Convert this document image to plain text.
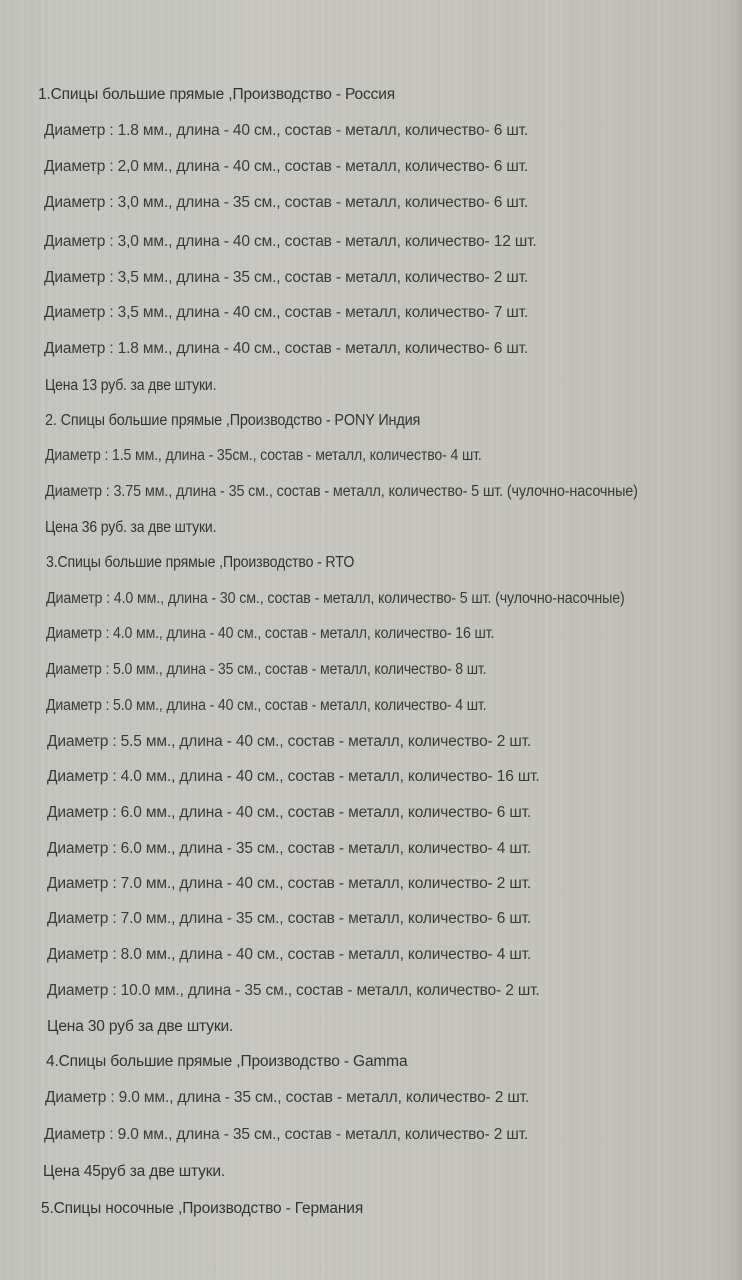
1.Спицы большие прямые ,Производство - Россия
Диаметр : 1.8 мм., длина - 40 см., состав - металл, количество- 6 шт.
Диаметр : 2,0 мм., длина - 40 см., состав - металл, количество- 6 шт.
Диаметр : 3,0 мм., длина - 35 см., состав - металл, количество- 6 шт.
Диаметр : 3,0 мм., длина - 40 см., состав - металл, количество- 12 шт.
Диаметр : 3,5 мм., длина - 35 см., состав - металл, количество- 2 шт.
Диаметр : 3,5 мм., длина - 40 см., состав - металл, количество- 7 шт.
Диаметр : 1.8 мм., длина - 40 см., состав - металл, количество- 6 шт.
Цена 13 руб. за две штуки.
2. Спицы большие прямые ,Производство - PONY Индия
Диаметр : 1.5 мм., длина - 35см., состав - металл, количество- 4 шт.
Диаметр : 3.75 мм., длина - 35 см., состав - металл, количество- 5 шт. (чулочно-насочные)
Цена 36 руб. за две штуки.
3.Спицы большие прямые ,Производство - RTO
Диаметр : 4.0 мм., длина - 30 см., состав - металл, количество- 5 шт. (чулочно-насочные)
Диаметр : 4.0 мм., длина - 40 см., состав - металл, количество- 16 шт.
Диаметр : 5.0 мм., длина - 35 см., состав - металл, количество- 8 шт.
Диаметр : 5.0 мм., длина - 40 см., состав - металл, количество- 4 шт.
Диаметр : 5.5 мм., длина - 40 см., состав - металл, количество- 2 шт.
Диаметр : 4.0 мм., длина - 40 см., состав - металл, количество- 16 шт.
Диаметр : 6.0 мм., длина - 40 см., состав - металл, количество- 6 шт.
Диаметр : 6.0 мм., длина - 35 см., состав - металл, количество- 4 шт.
Диаметр : 7.0 мм., длина - 40 см., состав - металл, количество- 2 шт.
Диаметр : 7.0 мм., длина - 35 см., состав - металл, количество- 6 шт.
Диаметр : 8.0 мм., длина - 40 см., состав - металл, количество- 4 шт.
Диаметр : 10.0 мм., длина - 35 см., состав - металл, количество- 2 шт.
Цена 30 руб за две штуки.
4.Спицы большие прямые ,Производство - Gamma
Диаметр : 9.0 мм., длина - 35 см., состав - металл, количество- 2 шт.
Диаметр : 9.0 мм., длина - 35 см., состав - металл, количество- 2 шт.
Цена 45руб за две штуки.
5.Спицы носочные ,Производство - Германия
